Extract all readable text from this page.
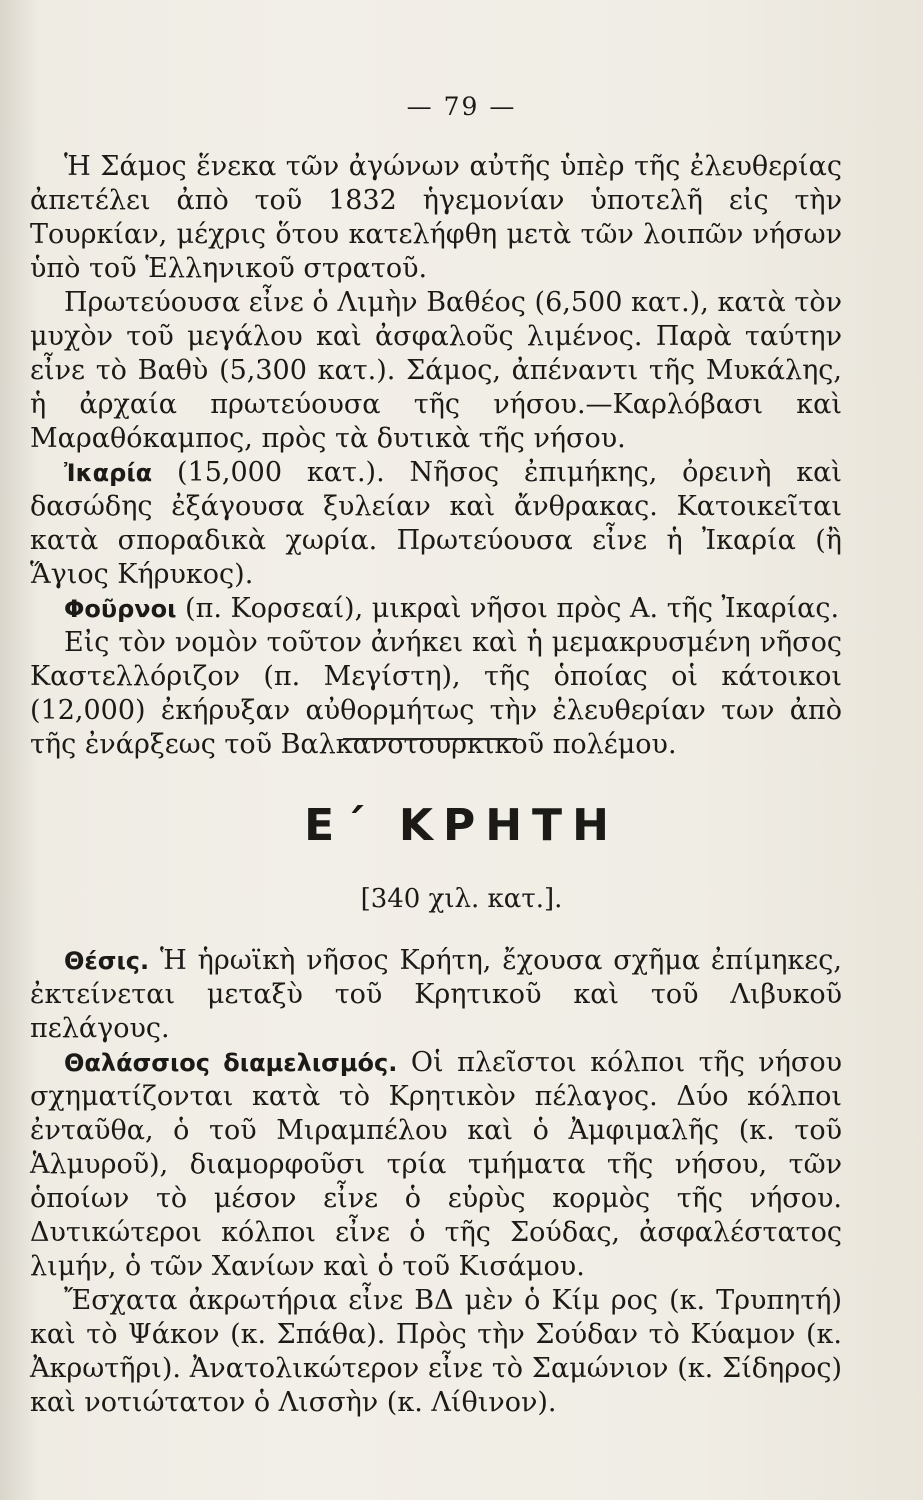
— 79 —

Ἡ Σάμος ἕνεκα τῶν ἀγώνων αὐτῆς ὑπὲρ τῆς ἐλευθερίας ἀπετέλει ἀπὸ τοῦ 1832 ἡγεμονίαν ὑποτελῆ εἰς τὴν Τουρκίαν, μέχρις ὅτου κατελήφθη μετὰ τῶν λοιπῶν νήσων ὑπὸ τοῦ Ἑλληνικοῦ στρατοῦ.

Πρωτεύουσα εἶνε ὁ Λιμὴν Βαθέος (6,500 κατ.), κατὰ τὸν μυχὸν τοῦ μεγάλου καὶ ἀσφαλοῦς λιμένος. Παρὰ ταύτην εἶνε τὸ Βαθὺ (5,300 κατ.). Σάμος, ἀπέναντι τῆς Μυκάλης, ἡ ἀρχαία πρωτεύουσα τῆς νήσου.—Καρλόβασι καὶ Μαραθόκαμπος, πρὸς τὰ δυτικὰ τῆς νήσου.

Ἰκαρία (15,000 κατ.). Νῆσος ἐπιμήκης, ὀρεινὴ καὶ δασώδης ἐξάγουσα ξυλείαν καὶ ἄνθρακας. Κατοικεῖται κατὰ σποραδικὰ χωρία. Πρωτεύουσα εἶνε ἡ Ἰκαρία (ἢ Ἅγιος Κήρυκος).

Φοῦρνοι (π. Κορσεαί), μικραὶ νῆσοι πρὸς Α. τῆς Ἰκαρίας.

Εἰς τὸν νομὸν τοῦτον ἀνήκει καὶ ἡ μεμακρυσμένη νῆσος Καστελλόριζον (π. Μεγίστη), τῆς ὁποίας οἱ κάτοικοι (12,000) ἐκήρυξαν αὐθορμήτως τὴν ἐλευθερίαν των ἀπὸ τῆς ἐνάρξεως τοῦ Βαλκανοτουρκικοῦ πολέμου.

Ε΄ ΚΡΗΤΗ
[340 χιλ. κατ.].

Θέσις. Ἡ ἡρωϊκὴ νῆσος Κρήτη, ἔχουσα σχῆμα ἐπίμηκες, ἐκτείνεται μεταξὺ τοῦ Κρητικοῦ καὶ τοῦ Λιβυκοῦ πελάγους.

Θαλάσσιος διαμελισμός. Οἱ πλεῖστοι κόλποι τῆς νήσου σχηματίζονται κατὰ τὸ Κρητικὸν πέλαγος. Δύο κόλποι ἐνταῦθα, ὁ τοῦ Μιραμπέλου καὶ ὁ Ἀμφιμαλῆς (κ. τοῦ Ἁλμυροῦ), διαμορφοῦσι τρία τμήματα τῆς νήσου, τῶν ὁποίων τὸ μέσον εἶνε ὁ εὐρὺς κορμὸς τῆς νήσου. Δυτικώτεροι κόλποι εἶνε ὁ τῆς Σούδας, ἀσφαλέστατος λιμήν, ὁ τῶν Χανίων καὶ ὁ τοῦ Κισάμου.

Ἔσχατα ἀκρωτήρια εἶνε ΒΔ μὲν ὁ Κίμ ρος (κ. Τρυπητή) καὶ τὸ Ψάκον (κ. Σπάθα). Πρὸς τὴν Σούδαν τὸ Κύαμον (κ. Ἀκρωτῆρι). Ἀνατολικώτερον εἶνε τὸ Σαμώνιον (κ. Σίδηρος) καὶ νοτιώτατον ὁ Λισσὴν (κ. Λίθινον).
